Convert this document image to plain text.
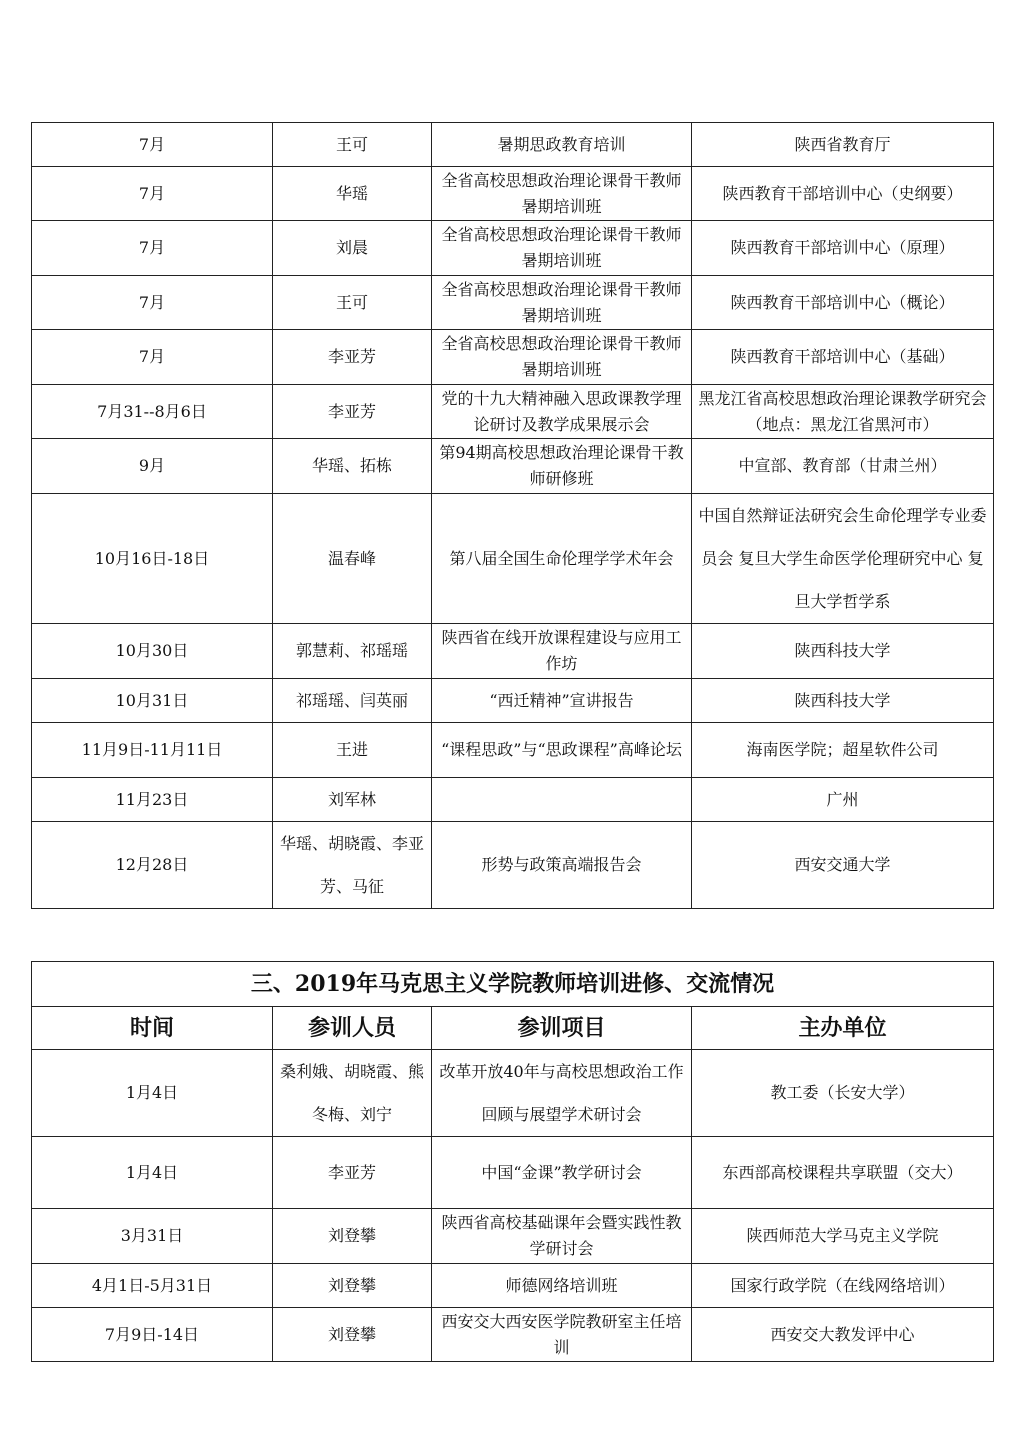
7月	王可	暑期思政教育培训	陕西省教育厅
7月	华瑶	全省高校思想政治理论课骨干教师暑期培训班	陕西教育干部培训中心（史纲要）
7月	刘晨	全省高校思想政治理论课骨干教师暑期培训班	陕西教育干部培训中心（原理）
7月	王可	全省高校思想政治理论课骨干教师暑期培训班	陕西教育干部培训中心（概论）
7月	李亚芳	全省高校思想政治理论课骨干教师暑期培训班	陕西教育干部培训中心（基础）
7月31--8月6日	李亚芳	党的十九大精神融入思政课教学理论研讨及教学成果展示会	黑龙江省高校思想政治理论课教学研究会（地点：黑龙江省黑河市）
9月	华瑶、拓栋	第94期高校思想政治理论课骨干教师研修班	中宣部、教育部（甘肃兰州）
10月16日-18日	温春峰	第八届全国生命伦理学学术年会	中国自然辩证法研究会生命伦理学专业委员会 复旦大学生命医学伦理研究中心 复旦大学哲学系
10月30日	郭慧莉、祁瑶瑶	陕西省在线开放课程建设与应用工作坊	陕西科技大学
10月31日	祁瑶瑶、闫英丽	“西迁精神”宣讲报告	陕西科技大学
11月9日-11月11日	王进	“课程思政”与“思政课程”高峰论坛	海南医学院；超星软件公司
11月23日	刘军林		广州
12月28日	华瑶、胡晓霞、李亚芳、马征	形势与政策高端报告会	西安交通大学
三、2019年马克思主义学院教师培训进修、交流情况			
时间	参训人员	参训项目	主办单位
1月4日	桑利娥、胡晓霞、熊冬梅、刘宁	改革开放40年与高校思想政治工作回顾与展望学术研讨会	教工委（长安大学）
1月4日	李亚芳	中国“金课”教学研讨会	东西部高校课程共享联盟（交大）
3月31日	刘登攀	陕西省高校基础课年会暨实践性教学研讨会	陕西师范大学马克主义学院
4月1日-5月31日	刘登攀	师德网络培训班	国家行政学院（在线网络培训）
7月9日-14日	刘登攀	西安交大西安医学院教研室主任培训	西安交大教发评中心
